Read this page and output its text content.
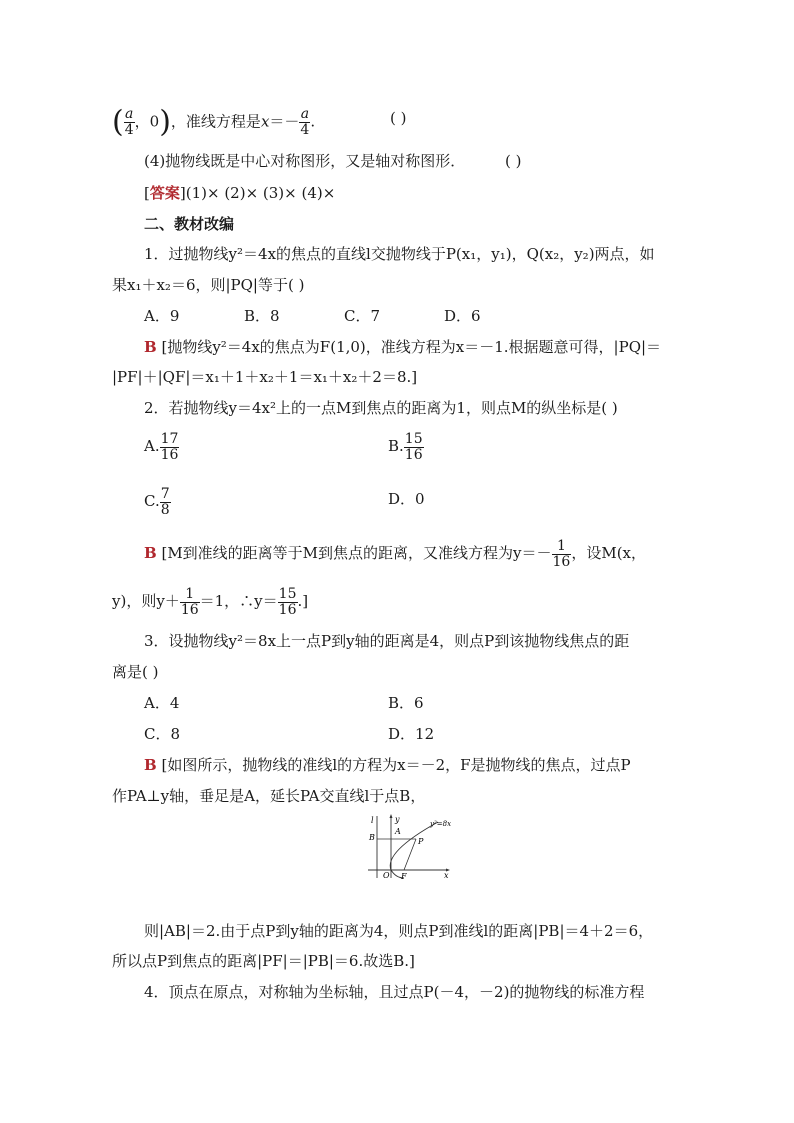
( $\frac{a}{4}$ ，0)，准线方程是$x=- \frac{a}{4}$ .	( )
(4)抛物线既是中心对称图形，又是轴对称图形．	( )
[答案](1)× (2)× (3)× (4)×
二、教材改编
1．过抛物线y²＝4x的焦点的直线l交抛物线于P(x₁，y₁)，Q(x₂，y₂)两点，如
果x₁＋x₂＝6，则|PQ|等于( )
A．9	B．8	C．7	D．6
B [抛物线y²＝4x的焦点为F(1,0)，准线方程为x＝－1.根据题意可得，|PQ|＝
|PF|＋|QF|＝x₁＋1＋x₂＋1＝x₁＋x₂＋2＝8.]
2．若抛物线y＝4x²上的一点M到焦点的距离为1，则点M的纵坐标是( )
A. $\frac{17}{16}$	B. $\frac{15}{16}$
C. $\frac{7}{8}$	D．0
B [M到准线的距离等于M到焦点的距离，又准线方程为$y=- \frac{1}{16}$ ，设M(x，
y)，则$y+ \frac{1}{16} =1$，∴y＝ $\frac{15}{16}$ .]
3．设抛物线y²＝8x上一点P到y轴的距离是4，则点P到该抛物线焦点的距
离是( )
A．4	B．6
C．8	D．12
B [如图所示，抛物线的准线l的方程为x＝－2，F是抛物线的焦点，过点P
作PA⊥y轴，垂足是A，延长PA交直线l于点B，
l	y
A
B	P
O F	x
y²=8x
则|AB|＝2.由于点P到y轴的距离为4，则点P到准线l的距离|PB|＝4＋2＝6，
所以点P到焦点的距离|PF|＝|PB|＝6.故选B.]
4．顶点在原点，对称轴为坐标轴，且过点P(－4，－2)的抛物线的标准方程
